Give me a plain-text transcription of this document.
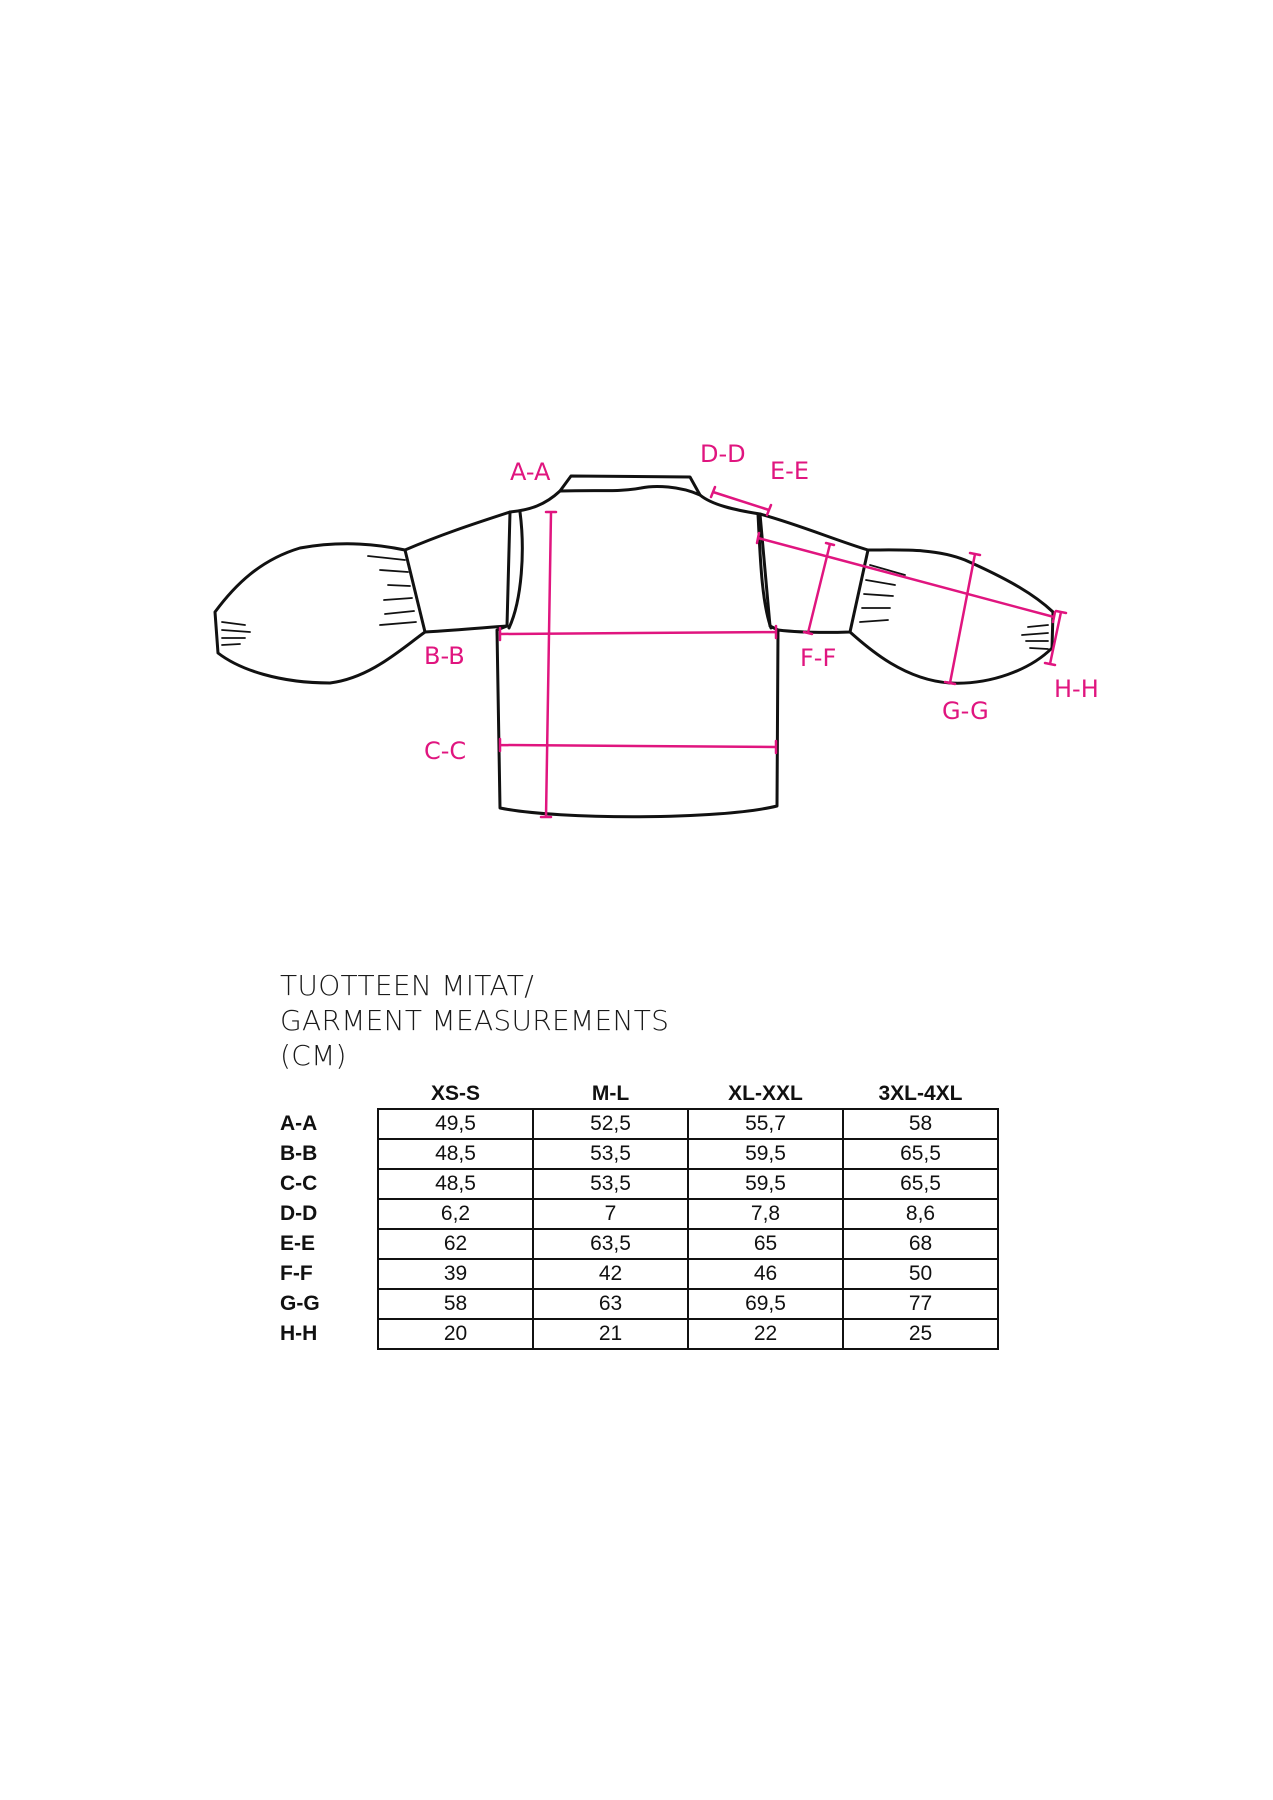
A-A
D-D
E-E
B-B	F-F
C-C
G-G
H-H
TUOTTEEN MITAT/
GARMENT MEASUREMENTS
(CM)
	XS-S	M-L	XL-XXL	3XL-4XL
A-A	49,5	52,5	55,7	58
B-B	48,5	53,5	59,5	65,5
C-C	48,5	53,5	59,5	65,5
D-D	6,2	7	7,8	8,6
E-E	62	63,5	65	68
F-F	39	42	46	50
G-G	58	63	69,5	77
H-H	20	21	22	25
